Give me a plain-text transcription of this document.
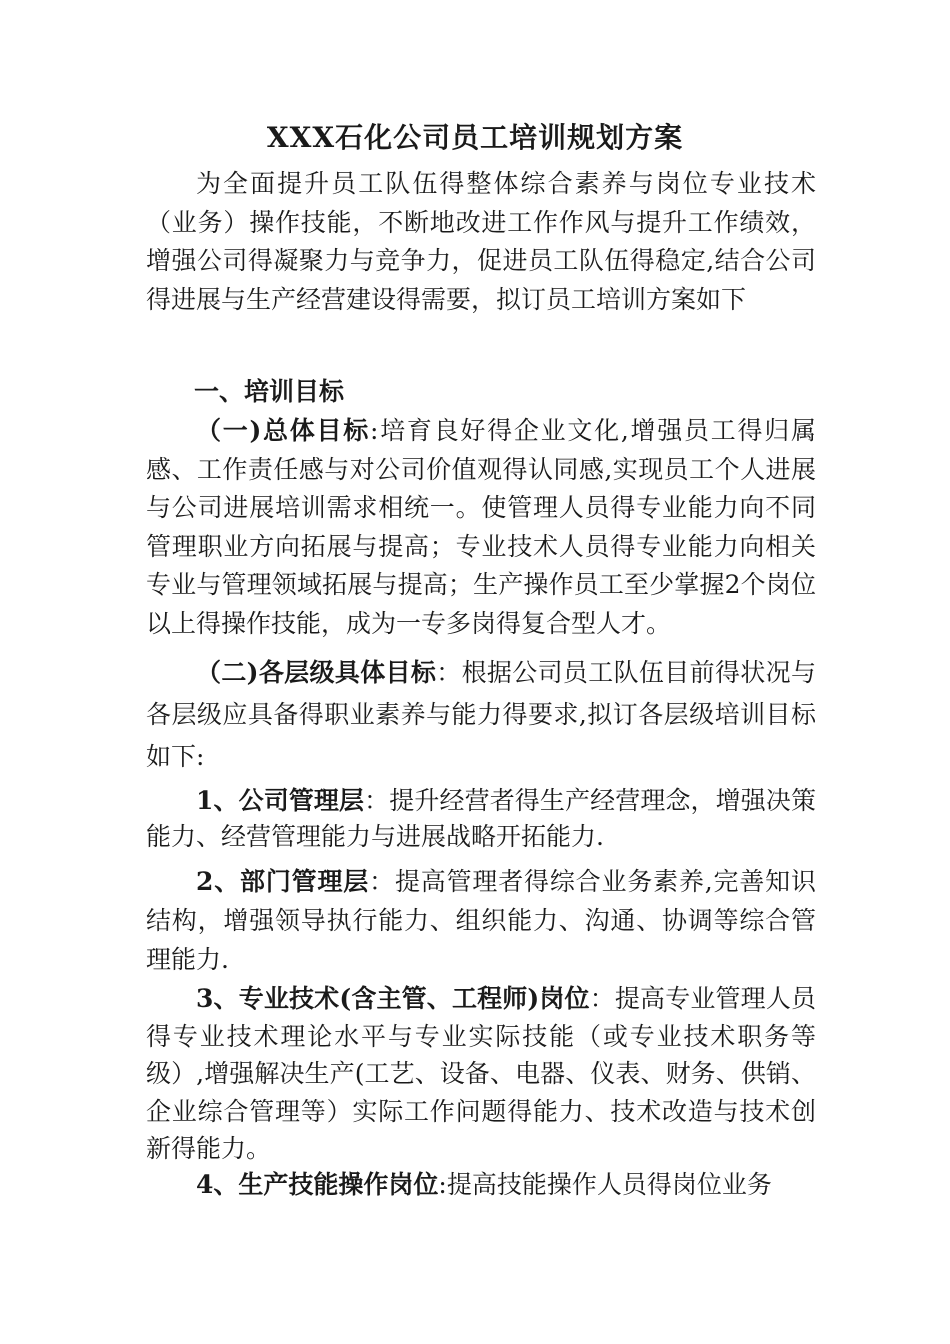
XXX石化公司员工培训规划方案

为全面提升员工队伍得整体综合素养与岗位专业技术（业务）操作技能，不断地改进工作作风与提升工作绩效，增强公司得凝聚力与竞争力，促进员工队伍得稳定,结合公司得进展与生产经营建设得需要，拟订员工培训方案如下

一、培训目标

（一)总体目标:培育良好得企业文化,增强员工得归属感、工作责任感与对公司价值观得认同感,实现员工个人进展与公司进展培训需求相统一。使管理人员得专业能力向不同管理职业方向拓展与提高；专业技术人员得专业能力向相关专业与管理领域拓展与提高；生产操作员工至少掌握2个岗位以上得操作技能，成为一专多岗得复合型人才。

（二)各层级具体目标：根据公司员工队伍目前得状况与各层级应具备得职业素养与能力得要求,拟订各层级培训目标如下:

1、公司管理层：提升经营者得生产经营理念，增强决策能力、经营管理能力与进展战略开拓能力.

2、部门管理层：提高管理者得综合业务素养,完善知识结构，增强领导执行能力、组织能力、沟通、协调等综合管理能力.

3、专业技术(含主管、工程师)岗位：提高专业管理人员得专业技术理论水平与专业实际技能（或专业技术职务等级）,增强解决生产(工艺、设备、电器、仪表、财务、供销、企业综合管理等）实际工作问题得能力、技术改造与技术创新得能力。

4、生产技能操作岗位:提高技能操作人员得岗位业务
